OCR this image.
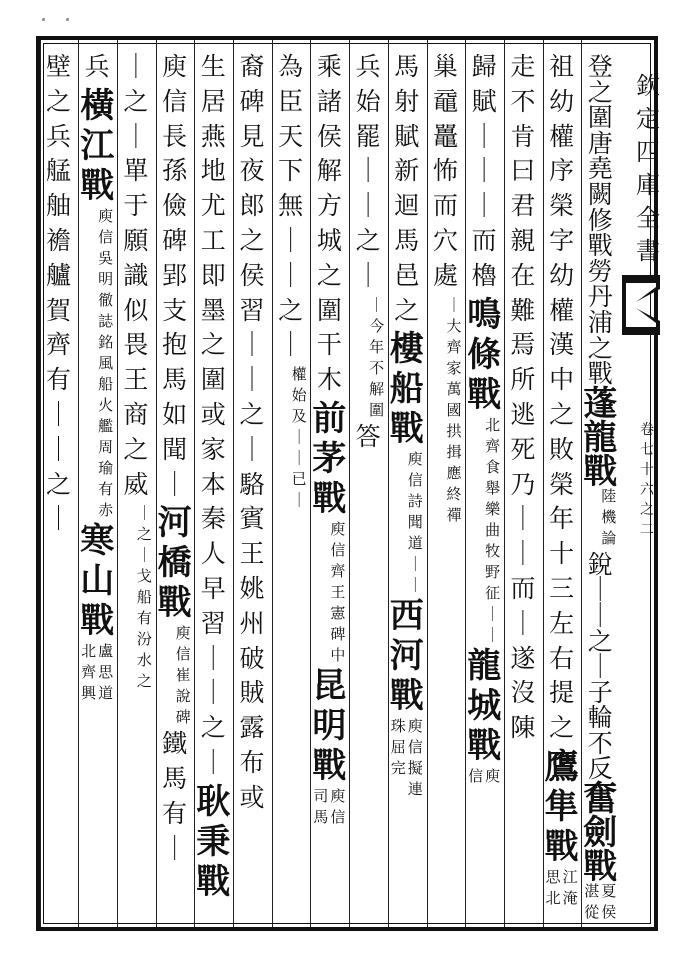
欽
定
四
庫
全
書
卷
七
十
六
之
二
登
之
圍
唐
堯
闕
修
戰
勞
丹
浦
之
戰
蓬
龍
戰
陸
機
論
銳
｜
｜
之
｜
子
輪
不
反
奮
劍
戰
夏
侯
湛
從
祖
幼
權
序
榮
字
幼
權
漢
中
之
敗
榮
年
十
三
左
右
提
之
鷹
隼
戰
江
淹
思
北
走
不
肯
曰
君
親
在
難
焉
所
逃
死
乃
｜
｜
而
｜
遂
沒
陳
歸
賦
｜
｜
｜
而
櫓
鳴
條
戰
北
齊
食
舉
樂
曲
牧
野
征
｜
｜
龍
城
戰
庾
信
巢
黿
鼉
怖
而
穴
處
｜
大
齊
家
萬
國
拱
揖
應
終
禪
馬
射
賦
新
迴
馬
邑
之
樓
船
戰
庾
信
詩
聞
道
｜
｜
西
河
戰
庾
信
擬
連
珠
屈
完
兵
始
罷
｜
｜
之
｜
｜
今
年
不
解
圍
答
乘
諸
侯
解
方
城
之
圍
干
木
前
茅
戰
庾
信
齊
王
憲
碑
中
昆
明
戰
庾
信
司
馬
為
臣
天
下
無
｜
｜
之
｜
權
始
及
｜
｜
已
｜
裔
碑
見
夜
郎
之
侯
習
｜
｜
之
｜
駱
賓
王
姚
州
破
賊
露
布
或
生
居
燕
地
尤
工
即
墨
之
圍
或
家
本
秦
人
早
習
｜
｜
之
｜
耿
秉
戰
庾
信
長
孫
儉
碑
郢
支
抱
馬
如
聞
｜
河
橋
戰
庾
信
崔
說
碑
鐵
馬
有
｜
｜
之
｜
單
于
願
識
似
畏
王
商
之
威
｜
之
｜
戈
船
有
汾
水
之
兵
橫
江
戰
庾
信
吳
明
徹
誌
銘
風
船
火
艦
周
瑜
有
赤
寒
山
戰
盧
思
道
北
齊
興
壁
之
兵
艋
舳
襜
艫
賀
齊
有
｜
｜
之
｜
